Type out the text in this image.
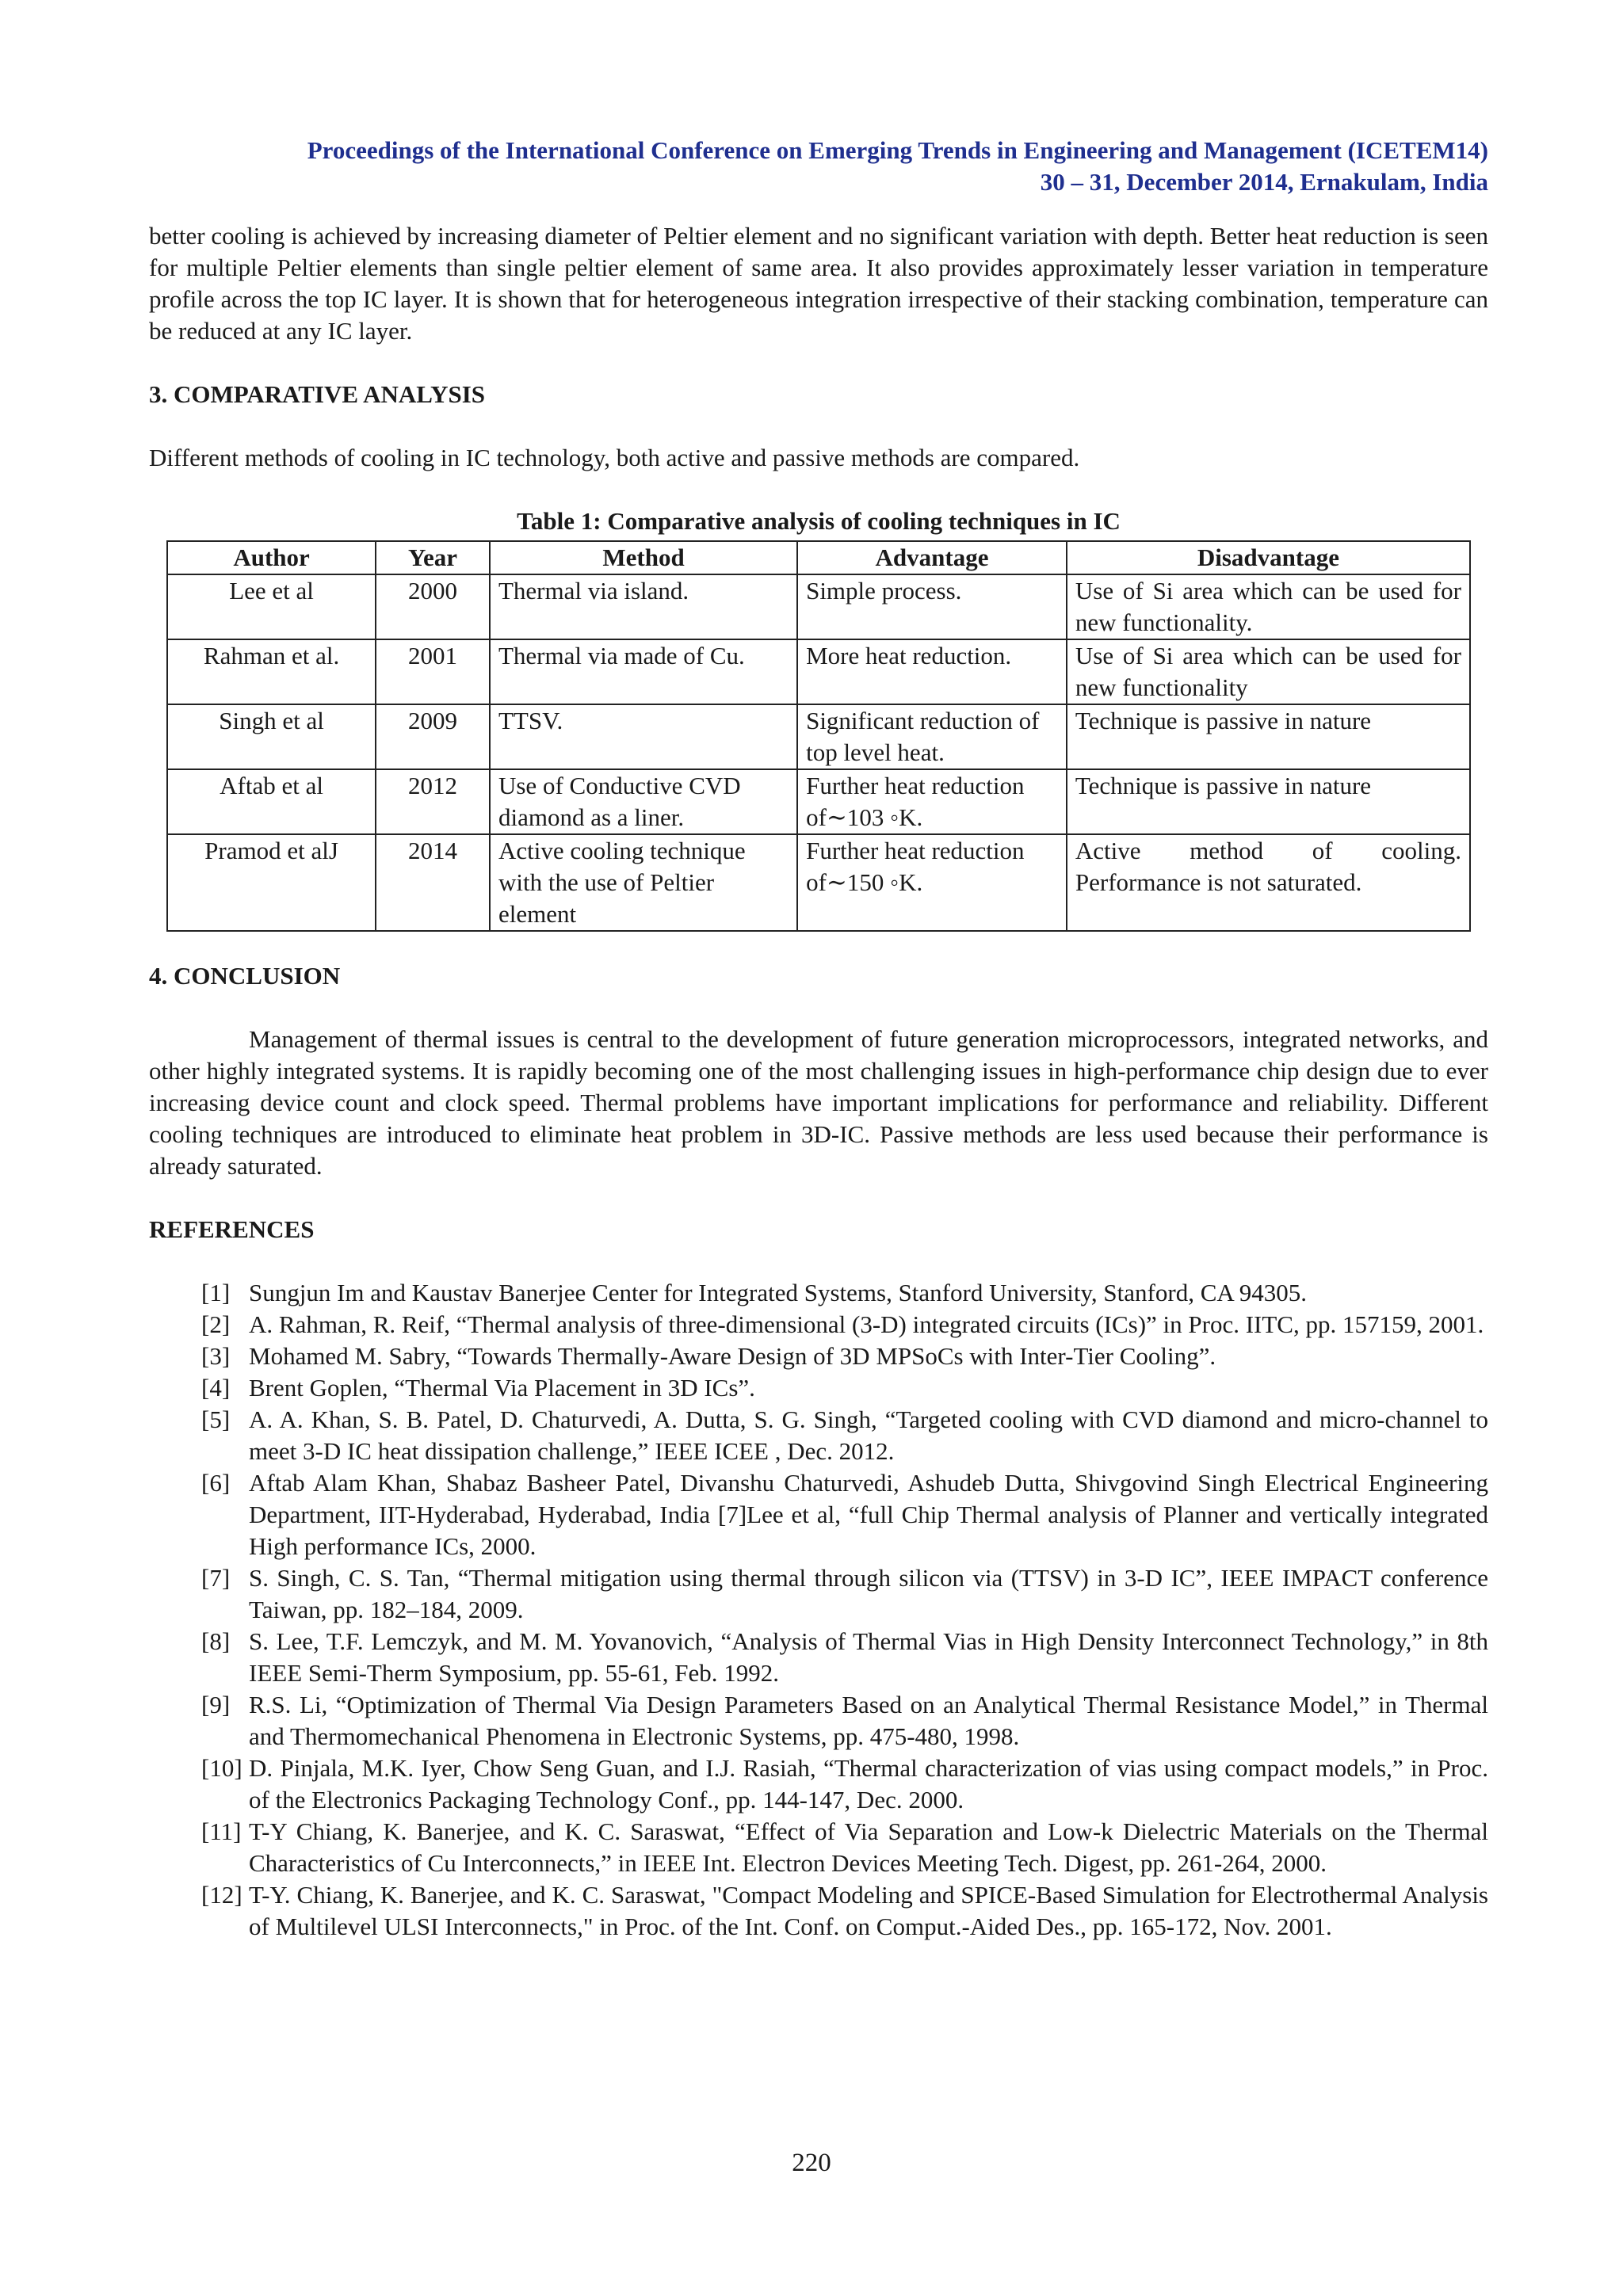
Proceedings of the International Conference on Emerging Trends in Engineering and Management (ICETEM14)
30 – 31, December 2014, Ernakulam, India

better cooling is achieved by increasing diameter of Peltier element and no significant variation with depth. Better heat reduction is seen for multiple Peltier elements than single peltier element of same area. It also provides approximately lesser variation in temperature profile across the top IC layer. It is shown that for heterogeneous integration irrespective of their stacking combination, temperature can be reduced at any IC layer.

3. COMPARATIVE ANALYSIS

Different methods of cooling in IC technology, both active and passive methods are compared.

Table 1: Comparative analysis of cooling techniques in IC
Author	Year	Method	Advantage	Disadvantage
Lee et al	2000	Thermal via island.	Simple process.	Use of Si area which can be used for new functionality.
Rahman et al.	2001	Thermal via made of Cu.	More heat reduction.	Use of Si area which can be used for new functionality
Singh et al	2009	TTSV.	Significant reduction of top level heat.	Technique is passive in nature
Aftab et al	2012	Use of Conductive CVD diamond as a liner.	Further heat reduction of∼103 ◦K.	Technique is passive in nature
Pramod et alJ	2014	Active cooling technique with the use of Peltier element	Further heat reduction of∼150 ◦K.	Active method of cooling. Performance is not saturated.
4. CONCLUSION

Management of thermal issues is central to the development of future generation microprocessors, integrated networks, and other highly integrated systems. It is rapidly becoming one of the most challenging issues in high-performance chip design due to ever increasing device count and clock speed. Thermal problems have important implications for performance and reliability. Different cooling techniques are introduced to eliminate heat problem in 3D-IC. Passive methods are less used because their performance is already saturated.

REFERENCES
[1] Sungjun Im and Kaustav Banerjee Center for Integrated Systems, Stanford University, Stanford, CA 94305.
[2] A. Rahman, R. Reif, “Thermal analysis of three-dimensional (3-D) integrated circuits (ICs)” in Proc. IITC, pp. 157159, 2001.
[3] Mohamed M. Sabry, “Towards Thermally-Aware Design of 3D MPSoCs with Inter-Tier Cooling”.
[4] Brent Goplen, “Thermal Via Placement in 3D ICs”.
[5] A. A. Khan, S. B. Patel, D. Chaturvedi, A. Dutta, S. G. Singh, “Targeted cooling with CVD diamond and micro-channel to meet 3-D IC heat dissipation challenge,” IEEE ICEE , Dec. 2012.
[6] Aftab Alam Khan, Shabaz Basheer Patel, Divanshu Chaturvedi, Ashudeb Dutta, Shivgovind Singh Electrical Engineering Department, IIT-Hyderabad, Hyderabad, India [7]Lee et al, “full Chip Thermal analysis of Planner and vertically integrated High performance ICs, 2000.
[7] S. Singh, C. S. Tan, “Thermal mitigation using thermal through silicon via (TTSV) in 3-D IC”, IEEE IMPACT conference Taiwan, pp. 182–184, 2009.
[8] S. Lee, T.F. Lemczyk, and M. M. Yovanovich, “Analysis of Thermal Vias in High Density Interconnect Technology,” in 8th IEEE Semi-Therm Symposium, pp. 55-61, Feb. 1992.
[9] R.S. Li, “Optimization of Thermal Via Design Parameters Based on an Analytical Thermal Resistance Model,” in Thermal and Thermomechanical Phenomena in Electronic Systems, pp. 475-480, 1998.
[10] D. Pinjala, M.K. Iyer, Chow Seng Guan, and I.J. Rasiah, “Thermal characterization of vias using compact models,” in Proc. of the Electronics Packaging Technology Conf., pp. 144-147, Dec. 2000.
[11] T-Y Chiang, K. Banerjee, and K. C. Saraswat, “Effect of Via Separation and Low-k Dielectric Materials on the Thermal Characteristics of Cu Interconnects,” in IEEE Int. Electron Devices Meeting Tech. Digest, pp. 261-264, 2000.
[12] T-Y. Chiang, K. Banerjee, and K. C. Saraswat, "Compact Modeling and SPICE-Based Simulation for Electrothermal Analysis of Multilevel ULSI Interconnects," in Proc. of the Int. Conf. on Comput.-Aided Des., pp. 165-172, Nov. 2001.
220
